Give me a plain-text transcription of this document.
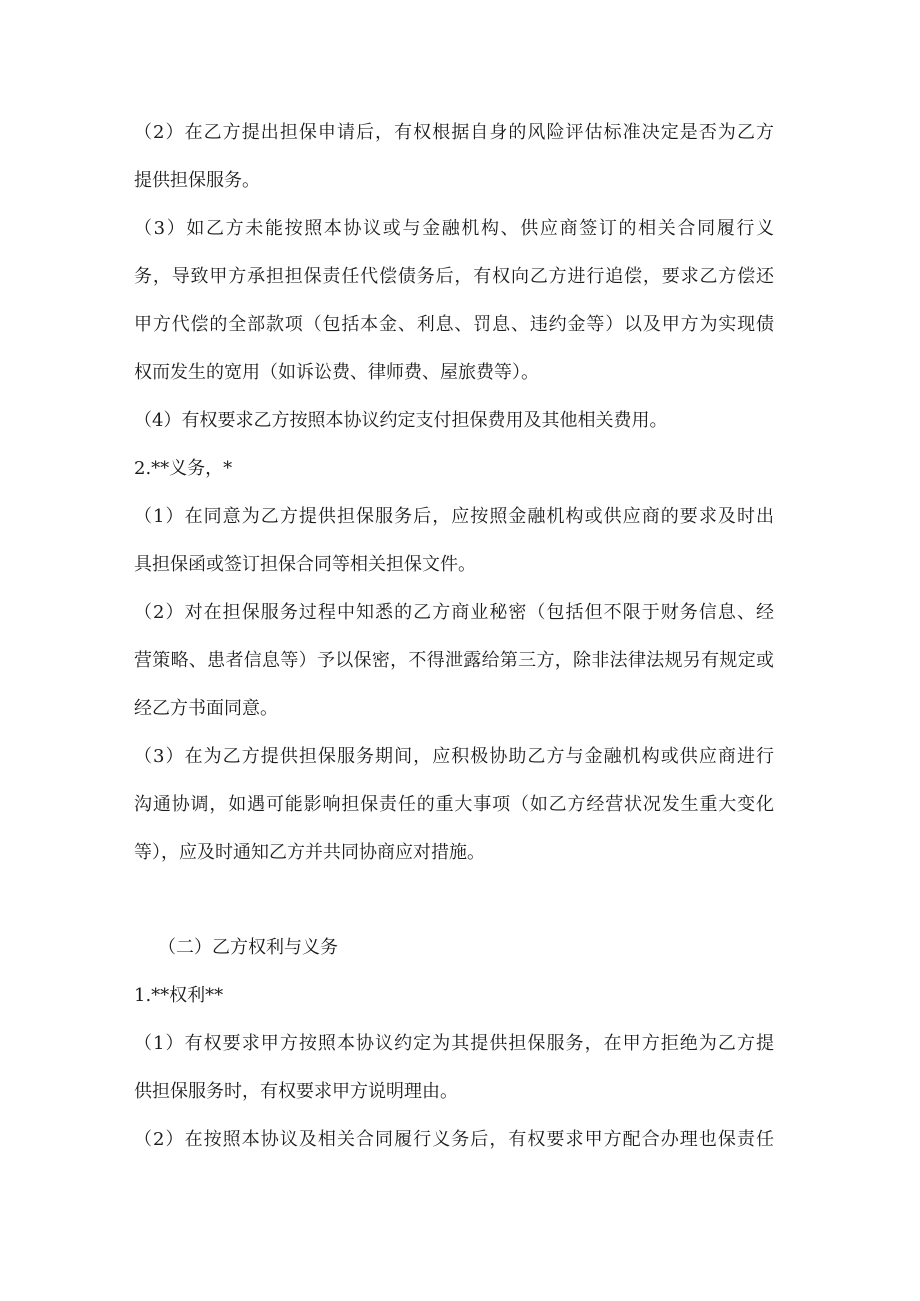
（2）在乙方提出担保申请后，有权根据自身的风险评估标准决定是否为乙方
提供担保服务。
（3）如乙方未能按照本协议或与金融机构、供应商签订的相关合同履行义
务，导致甲方承担担保责任代偿债务后，有权向乙方进行追偿，要求乙方偿还
甲方代偿的全部款项（包括本金、利息、罚息、违约金等）以及甲方为实现债
权而发生的宽用（如诉讼费、律师费、屋旅费等）。
（4）有权要求乙方按照本协议约定支付担保费用及其他相关费用。
2.**义务，*
（1）在同意为乙方提供担保服务后，应按照金融机构或供应商的要求及时出
具担保函或签订担保合同等相关担保文件。
（2）对在担保服务过程中知悉的乙方商业秘密（包括但不限于财务信息、经
营策略、患者信息等）予以保密，不得泄露给第三方，除非法律法规另有规定或
经乙方书面同意。
（3）在为乙方提供担保服务期间，应积极协助乙方与金融机构或供应商进行
沟通协调，如遇可能影响担保责任的重大事项（如乙方经营状况发生重大变化
等），应及时通知乙方并共同协商应对措施。
（二）乙方权利与义务
1.**权利**
（1）有权要求甲方按照本协议约定为其提供担保服务，在甲方拒绝为乙方提
供担保服务时，有权要求甲方说明理由。
（2）在按照本协议及相关合同履行义务后，有权要求甲方配合办理也保责任
